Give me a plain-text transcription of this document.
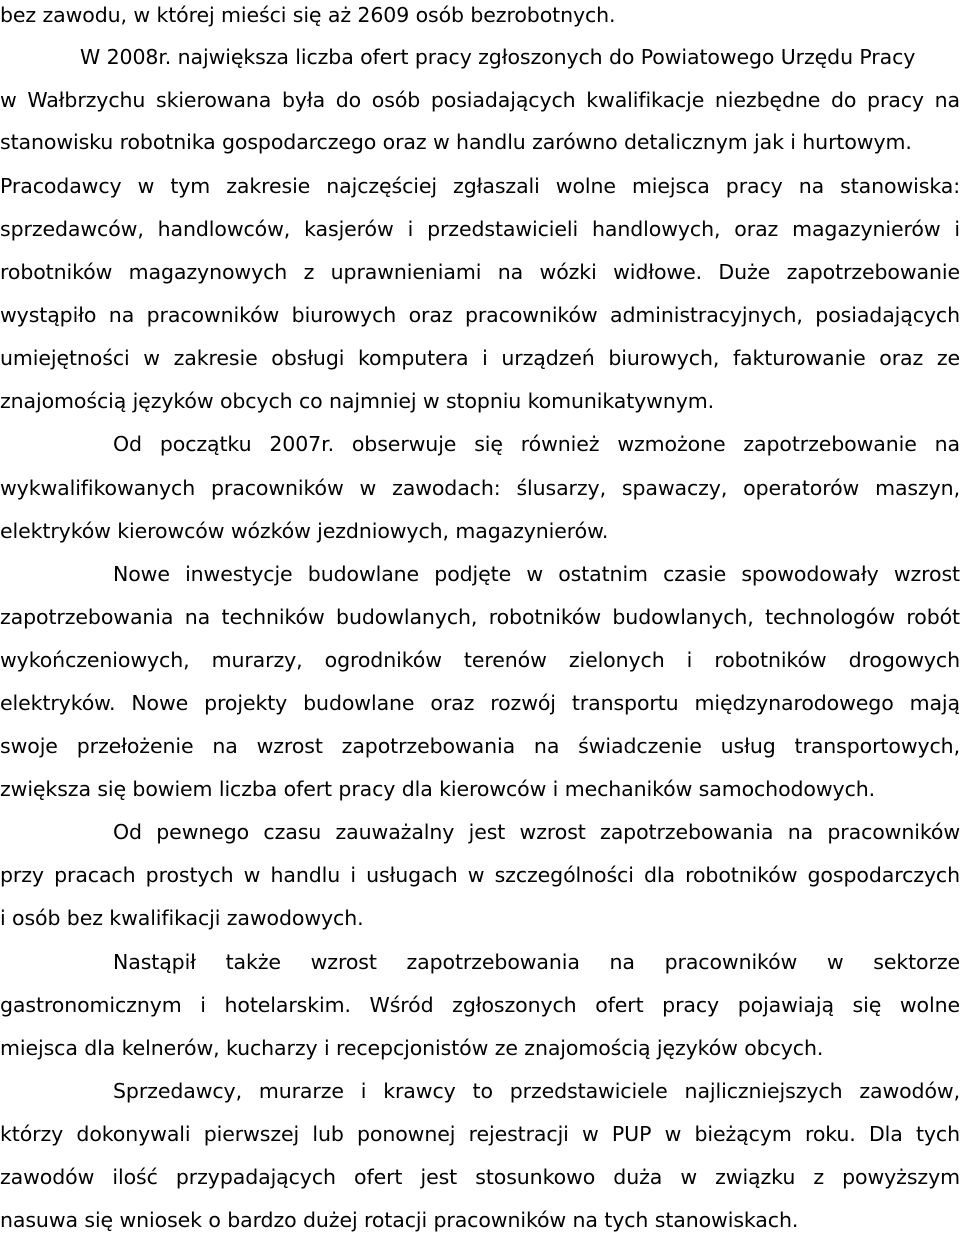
bez zawodu, w której mieści się aż 2609 osób bezrobotnych.
W 2008r. największa liczba ofert pracy zgłoszonych do Powiatowego Urzędu Pracy
w Wałbrzychu skierowana była do osób posiadających kwalifikacje niezbędne do pracy na
stanowisku robotnika gospodarczego oraz w handlu zarówno detalicznym jak i hurtowym.
Pracodawcy w tym zakresie najczęściej zgłaszali wolne miejsca pracy na stanowiska:
sprzedawców, handlowców, kasjerów i przedstawicieli handlowych, oraz magazynierów i
robotników magazynowych z uprawnieniami na wózki widłowe. Duże zapotrzebowanie
wystąpiło na pracowników biurowych oraz pracowników administracyjnych, posiadających
umiejętności w zakresie obsługi komputera i urządzeń biurowych, fakturowanie oraz ze
znajomością języków obcych co najmniej w stopniu komunikatywnym.
Od początku 2007r. obserwuje się również wzmożone zapotrzebowanie na
wykwalifikowanych pracowników w zawodach: ślusarzy, spawaczy, operatorów maszyn,
elektryków kierowców wózków jezdniowych, magazynierów.
Nowe inwestycje budowlane podjęte w ostatnim czasie spowodowały wzrost
zapotrzebowania na techników budowlanych, robotników budowlanych, technologów robót
wykończeniowych, murarzy, ogrodników terenów zielonych i robotników drogowych
elektryków. Nowe projekty budowlane oraz rozwój transportu międzynarodowego mają
swoje przełożenie na wzrost zapotrzebowania na świadczenie usług transportowych,
zwiększa się bowiem liczba ofert pracy dla kierowców i mechaników samochodowych.
Od pewnego czasu zauważalny jest wzrost zapotrzebowania na pracowników
przy pracach prostych w handlu i usługach w szczególności dla robotników gospodarczych
i osób bez kwalifikacji zawodowych.
Nastąpił także wzrost zapotrzebowania na pracowników w sektorze
gastronomicznym i hotelarskim. Wśród zgłoszonych ofert pracy pojawiają się wolne
miejsca dla kelnerów, kucharzy i recepcjonistów ze znajomością języków obcych.
Sprzedawcy, murarze i krawcy to przedstawiciele najliczniejszych zawodów,
którzy dokonywali pierwszej lub ponownej rejestracji w PUP w bieżącym roku. Dla tych
zawodów ilość przypadających ofert jest stosunkowo duża w związku z powyższym
nasuwa się wniosek o bardzo dużej rotacji pracowników na tych stanowiskach.
